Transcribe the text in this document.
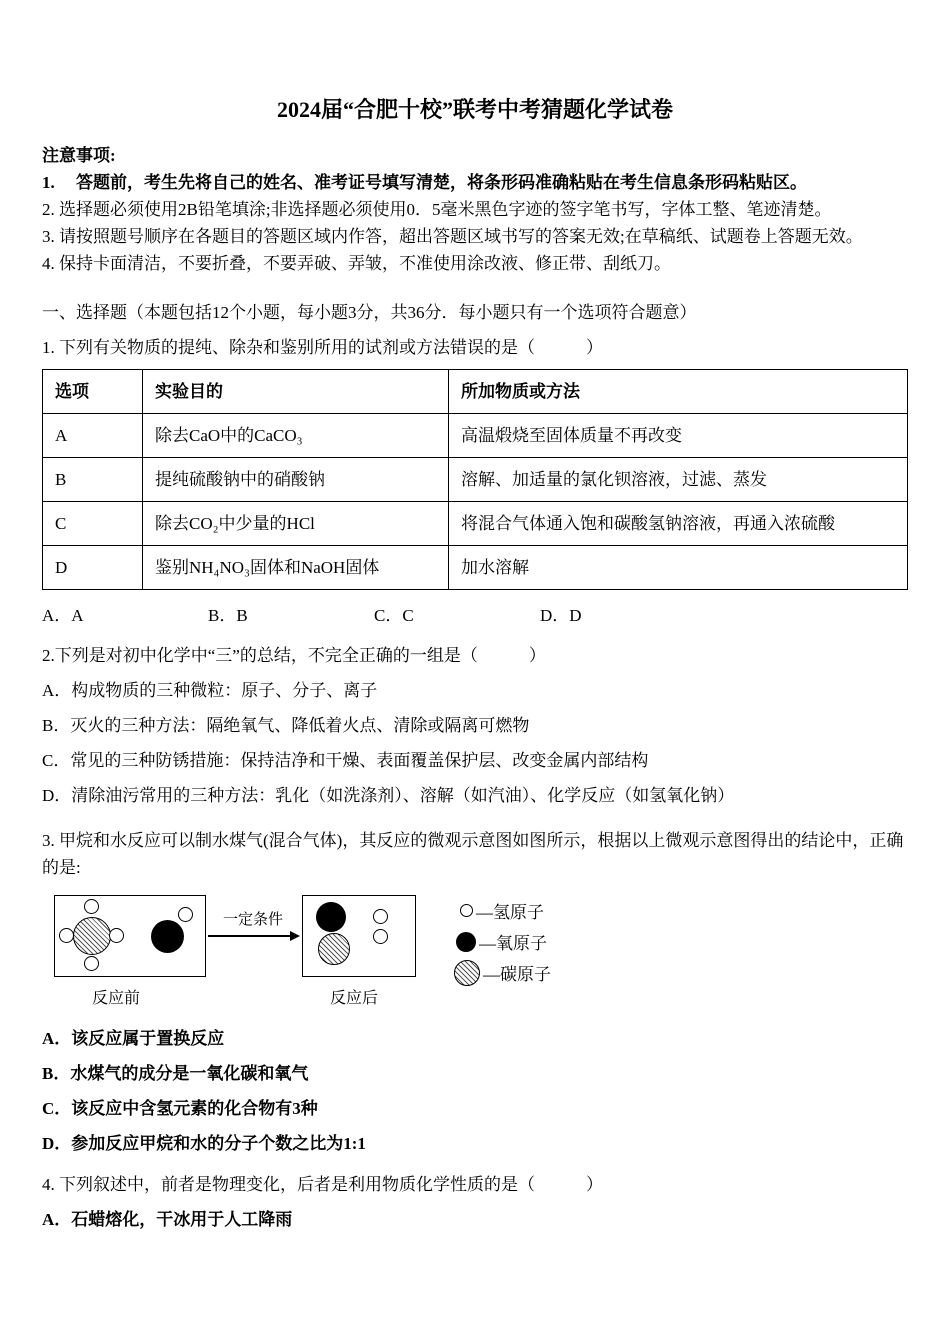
2024届“合肥十校”联考中考猜题化学试卷
注意事项:
1.　 答题前，考生先将自己的姓名、准考证号填写清楚，将条形码准确粘贴在考生信息条形码粘贴区。
2. 选择题必须使用2B铅笔填涂;非选择题必须使用0．5毫米黑色字迹的签字笔书写，字体工整、笔迹清楚。
3. 请按照题号顺序在各题目的答题区域内作答，超出答题区域书写的答案无效;在草稿纸、试题卷上答题无效。
4. 保持卡面清洁，不要折叠，不要弄破、弄皱，不准使用涂改液、修正带、刮纸刀。
一、选择题（本题包括12个小题，每小题3分，共36分．每小题只有一个选项符合题意）
1. 下列有关物质的提纯、除杂和鉴别所用的试剂或方法错误的是（　　　）
选项	实验目的	所加物质或方法
A	除去CaO中的CaCO₃	高温煅烧至固体质量不再改变
B	提纯硫酸钠中的硝酸钠	溶解、加适量的氯化钡溶液，过滤、蒸发
C	除去CO₂中少量的HCl	将混合气体通入饱和碳酸氢钠溶液，再通入浓硫酸
D	鉴别NH₄NO₃固体和NaOH固体	加水溶解
A．A	B．B	C．C	D．D
2.下列是对初中化学中“三”的总结，不完全正确的一组是（　　　）
A．构成物质的三种微粒：原子、分子、离子
B．灭火的三种方法：隔绝氧气、降低着火点、清除或隔离可燃物
C．常见的三种防锈措施：保持洁净和干燥、表面覆盖保护层、改变金属内部结构
D．清除油污常用的三种方法：乳化（如洗涤剂）、溶解（如汽油）、化学反应（如氢氧化钠）
3. 甲烷和水反应可以制水煤气(混合气体)，其反应的微观示意图如图所示，根据以上微观示意图得出的结论中，正确的是:
一定条件
反应前	反应后
—氢原子
—氧原子
—碳原子
A．该反应属于置换反应
B．水煤气的成分是一氧化碳和氧气
C．该反应中含氢元素的化合物有3种
D．参加反应甲烷和水的分子个数之比为1:1
4. 下列叙述中，前者是物理变化，后者是利用物质化学性质的是（　　　）
A．石蜡熔化，干冰用于人工降雨
